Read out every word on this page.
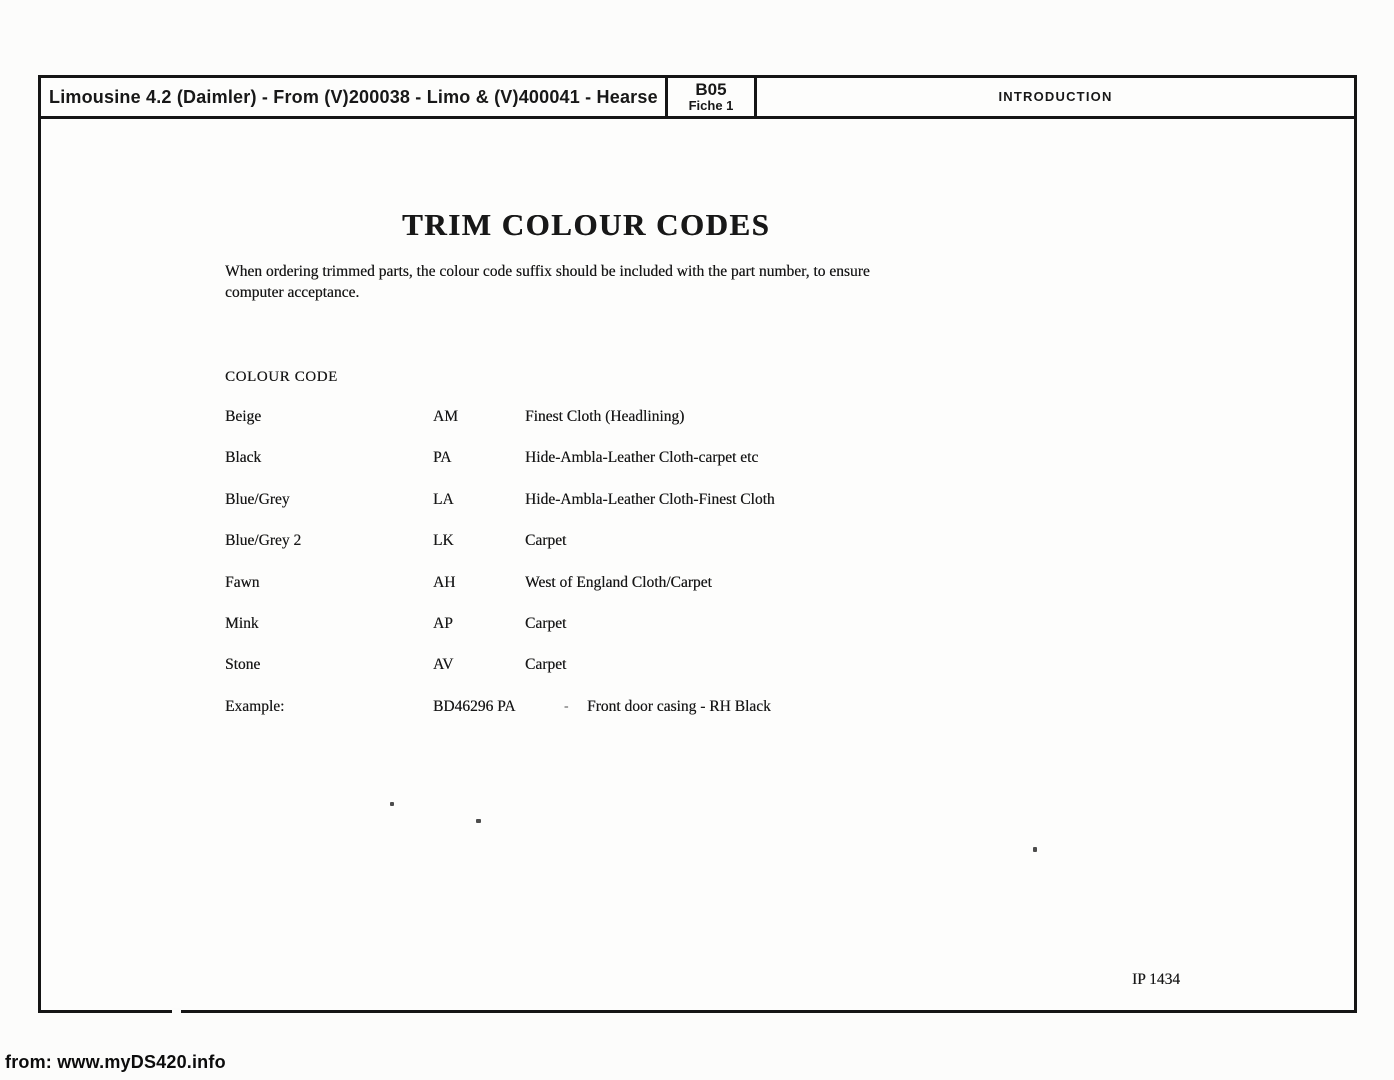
Limousine 4.2 (Daimler) - From (V)200038 - Limo & (V)400041 - Hearse	B05
Fiche 1
INTRODUCTION
TRIM COLOUR CODES
When ordering trimmed parts, the colour code suffix should be included with the part number, to ensure
computer acceptance.
COLOUR CODE
Beige	AM	Finest Cloth (Headlining)
Black	PA	Hide-Ambla-Leather Cloth-carpet etc
Blue/Grey	LA	Hide-Ambla-Leather Cloth-Finest Cloth
Blue/Grey 2	LK	Carpet
Fawn	AH	West of England Cloth/Carpet
Mink	AP	Carpet
Stone	AV	Carpet
Example:	BD46296 PA	- Front door casing - RH Black
IP 1434
from: www.myDS420.info
